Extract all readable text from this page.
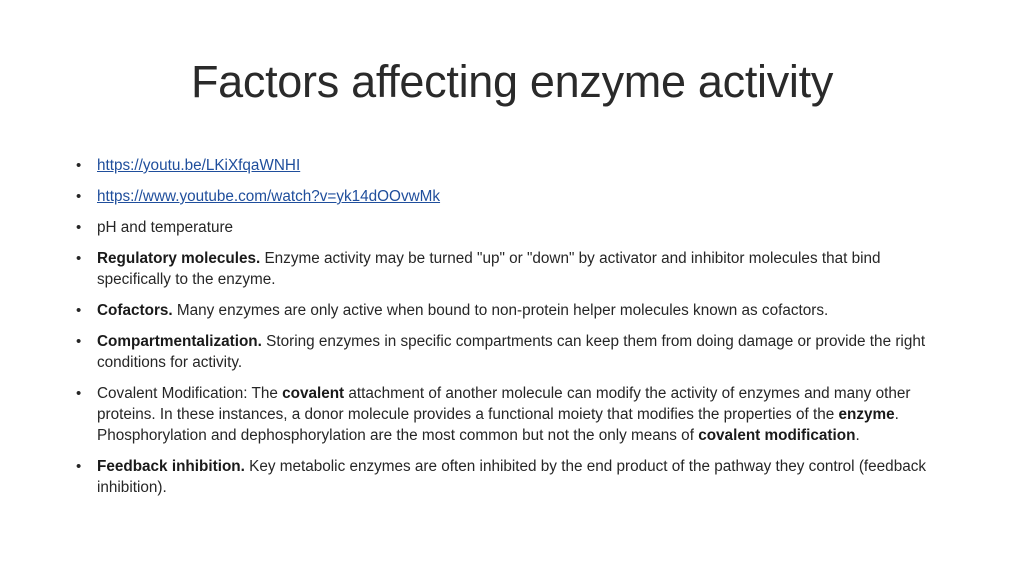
Factors affecting enzyme activity
•	https://youtu.be/LKiXfqaWNHI
•	https://www.youtube.com/watch?v=yk14dOOvwMk
•	pH and temperature
•	Regulatory molecules. Enzyme activity may be turned "up" or "down" by activator and inhibitor molecules that bind specifically to the enzyme.
•	Cofactors. Many enzymes are only active when bound to non-protein helper molecules known as cofactors.
•	Compartmentalization. Storing enzymes in specific compartments can keep them from doing damage or provide the right conditions for activity.
•	Covalent Modification: The covalent attachment of another molecule can modify the activity of enzymes and many other proteins. In these instances, a donor molecule provides a functional moiety that modifies the properties of the enzyme. Phosphorylation and dephosphorylation are the most common but not the only means of covalent modification.
•	Feedback inhibition. Key metabolic enzymes are often inhibited by the end product of the pathway they control (feedback inhibition).
